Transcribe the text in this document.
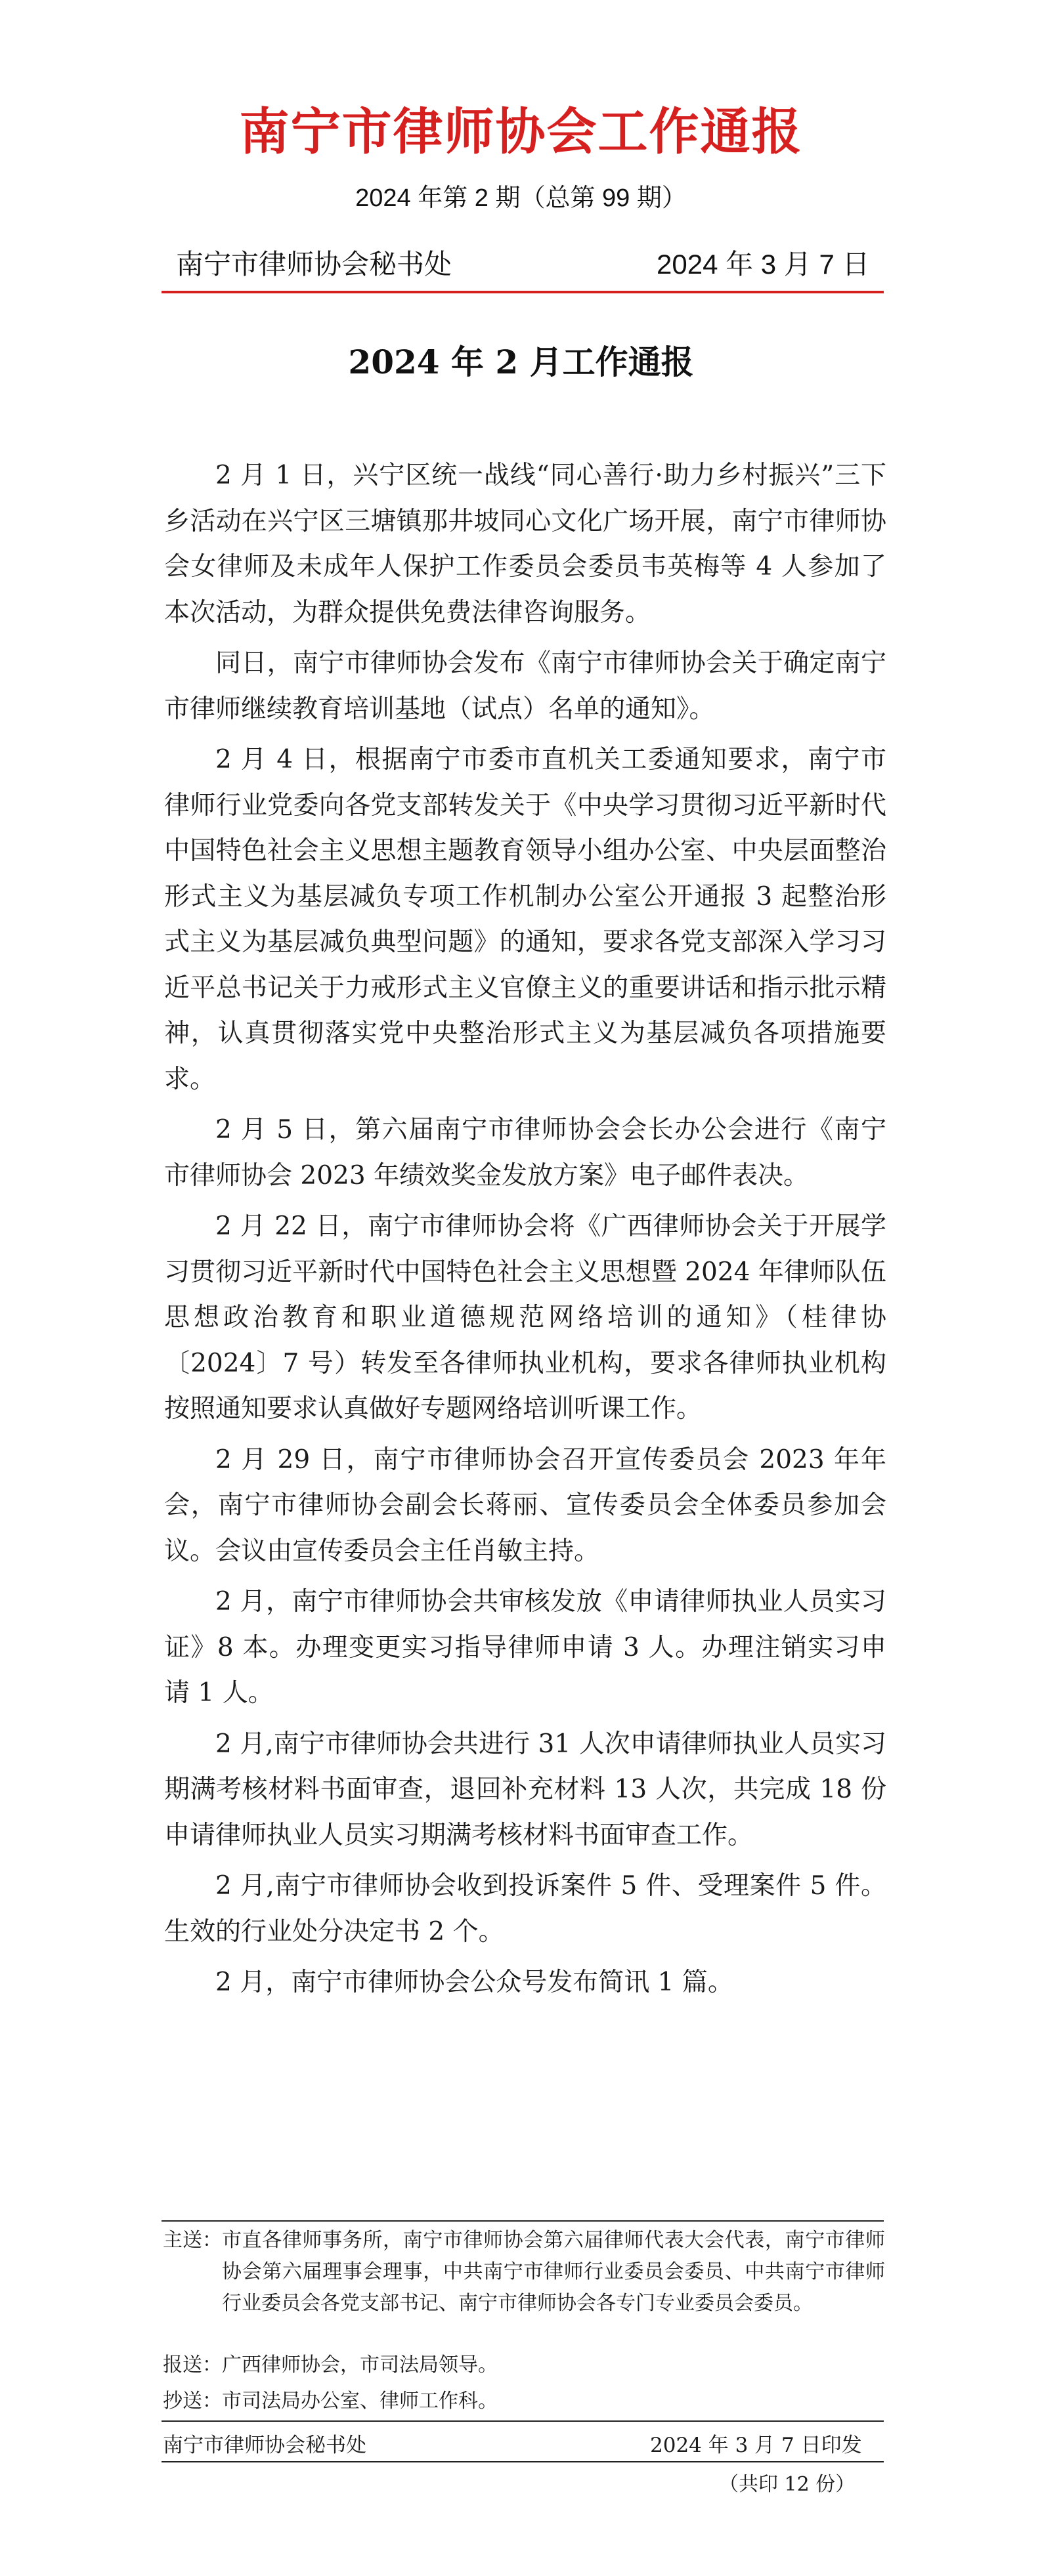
南宁市律师协会工作通报
2024 年第 2 期（总第 99 期）
南宁市律师协会秘书处	2024 年 3 月 7 日
2024 年 2 月工作通报

2 月 1 日，兴宁区统一战线“同心善行·助力乡村振兴”三下乡活动在兴宁区三塘镇那井坡同心文化广场开展，南宁市律师协会女律师及未成年人保护工作委员会委员韦英梅等 4 人参加了本次活动，为群众提供免费法律咨询服务。

同日，南宁市律师协会发布《南宁市律师协会关于确定南宁市律师继续教育培训基地（试点）名单的通知》。

2 月 4 日，根据南宁市委市直机关工委通知要求，南宁市律师行业党委向各党支部转发关于《中央学习贯彻习近平新时代中国特色社会主义思想主题教育领导小组办公室、中央层面整治形式主义为基层减负专项工作机制办公室公开通报 3 起整治形式主义为基层减负典型问题》的通知，要求各党支部深入学习习近平总书记关于力戒形式主义官僚主义的重要讲话和指示批示精神，认真贯彻落实党中央整治形式主义为基层减负各项措施要求。

2 月 5 日，第六届南宁市律师协会会长办公会进行《南宁市律师协会 2023 年绩效奖金发放方案》电子邮件表决。

2 月 22 日，南宁市律师协会将《广西律师协会关于开展学习贯彻习近平新时代中国特色社会主义思想暨 2024 年律师队伍思想政治教育和职业道德规范网络培训的通知》（桂律协〔2024〕7 号）转发至各律师执业机构，要求各律师执业机构按照通知要求认真做好专题网络培训听课工作。

2 月 29 日，南宁市律师协会召开宣传委员会 2023 年年会，南宁市律师协会副会长蒋丽、宣传委员会全体委员参加会议。会议由宣传委员会主任肖敏主持。

2 月，南宁市律师协会共审核发放《申请律师执业人员实习证》8 本。办理变更实习指导律师申请 3 人。办理注销实习申请 1 人。

2 月,南宁市律师协会共进行 31 人次申请律师执业人员实习期满考核材料书面审查，退回补充材料 13 人次，共完成 18 份申请律师执业人员实习期满考核材料书面审查工作。

2 月,南宁市律师协会收到投诉案件 5 件、受理案件 5 件。生效的行业处分决定书 2 个。

2 月，南宁市律师协会公众号发布简讯 1 篇。

主送： 市直各律师事务所，南宁市律师协会第六届律师代表大会代表，南宁市律师协会第六届理事会理事，中共南宁市律师行业委员会委员、中共南宁市律师行业委员会各党支部书记、南宁市律师协会各专门专业委员会委员。
报送：广西律师协会，市司法局领导。
抄送：市司法局办公室、律师工作科。
南宁市律师协会秘书处	2024 年 3 月 7 日印发
（共印 12 份）
